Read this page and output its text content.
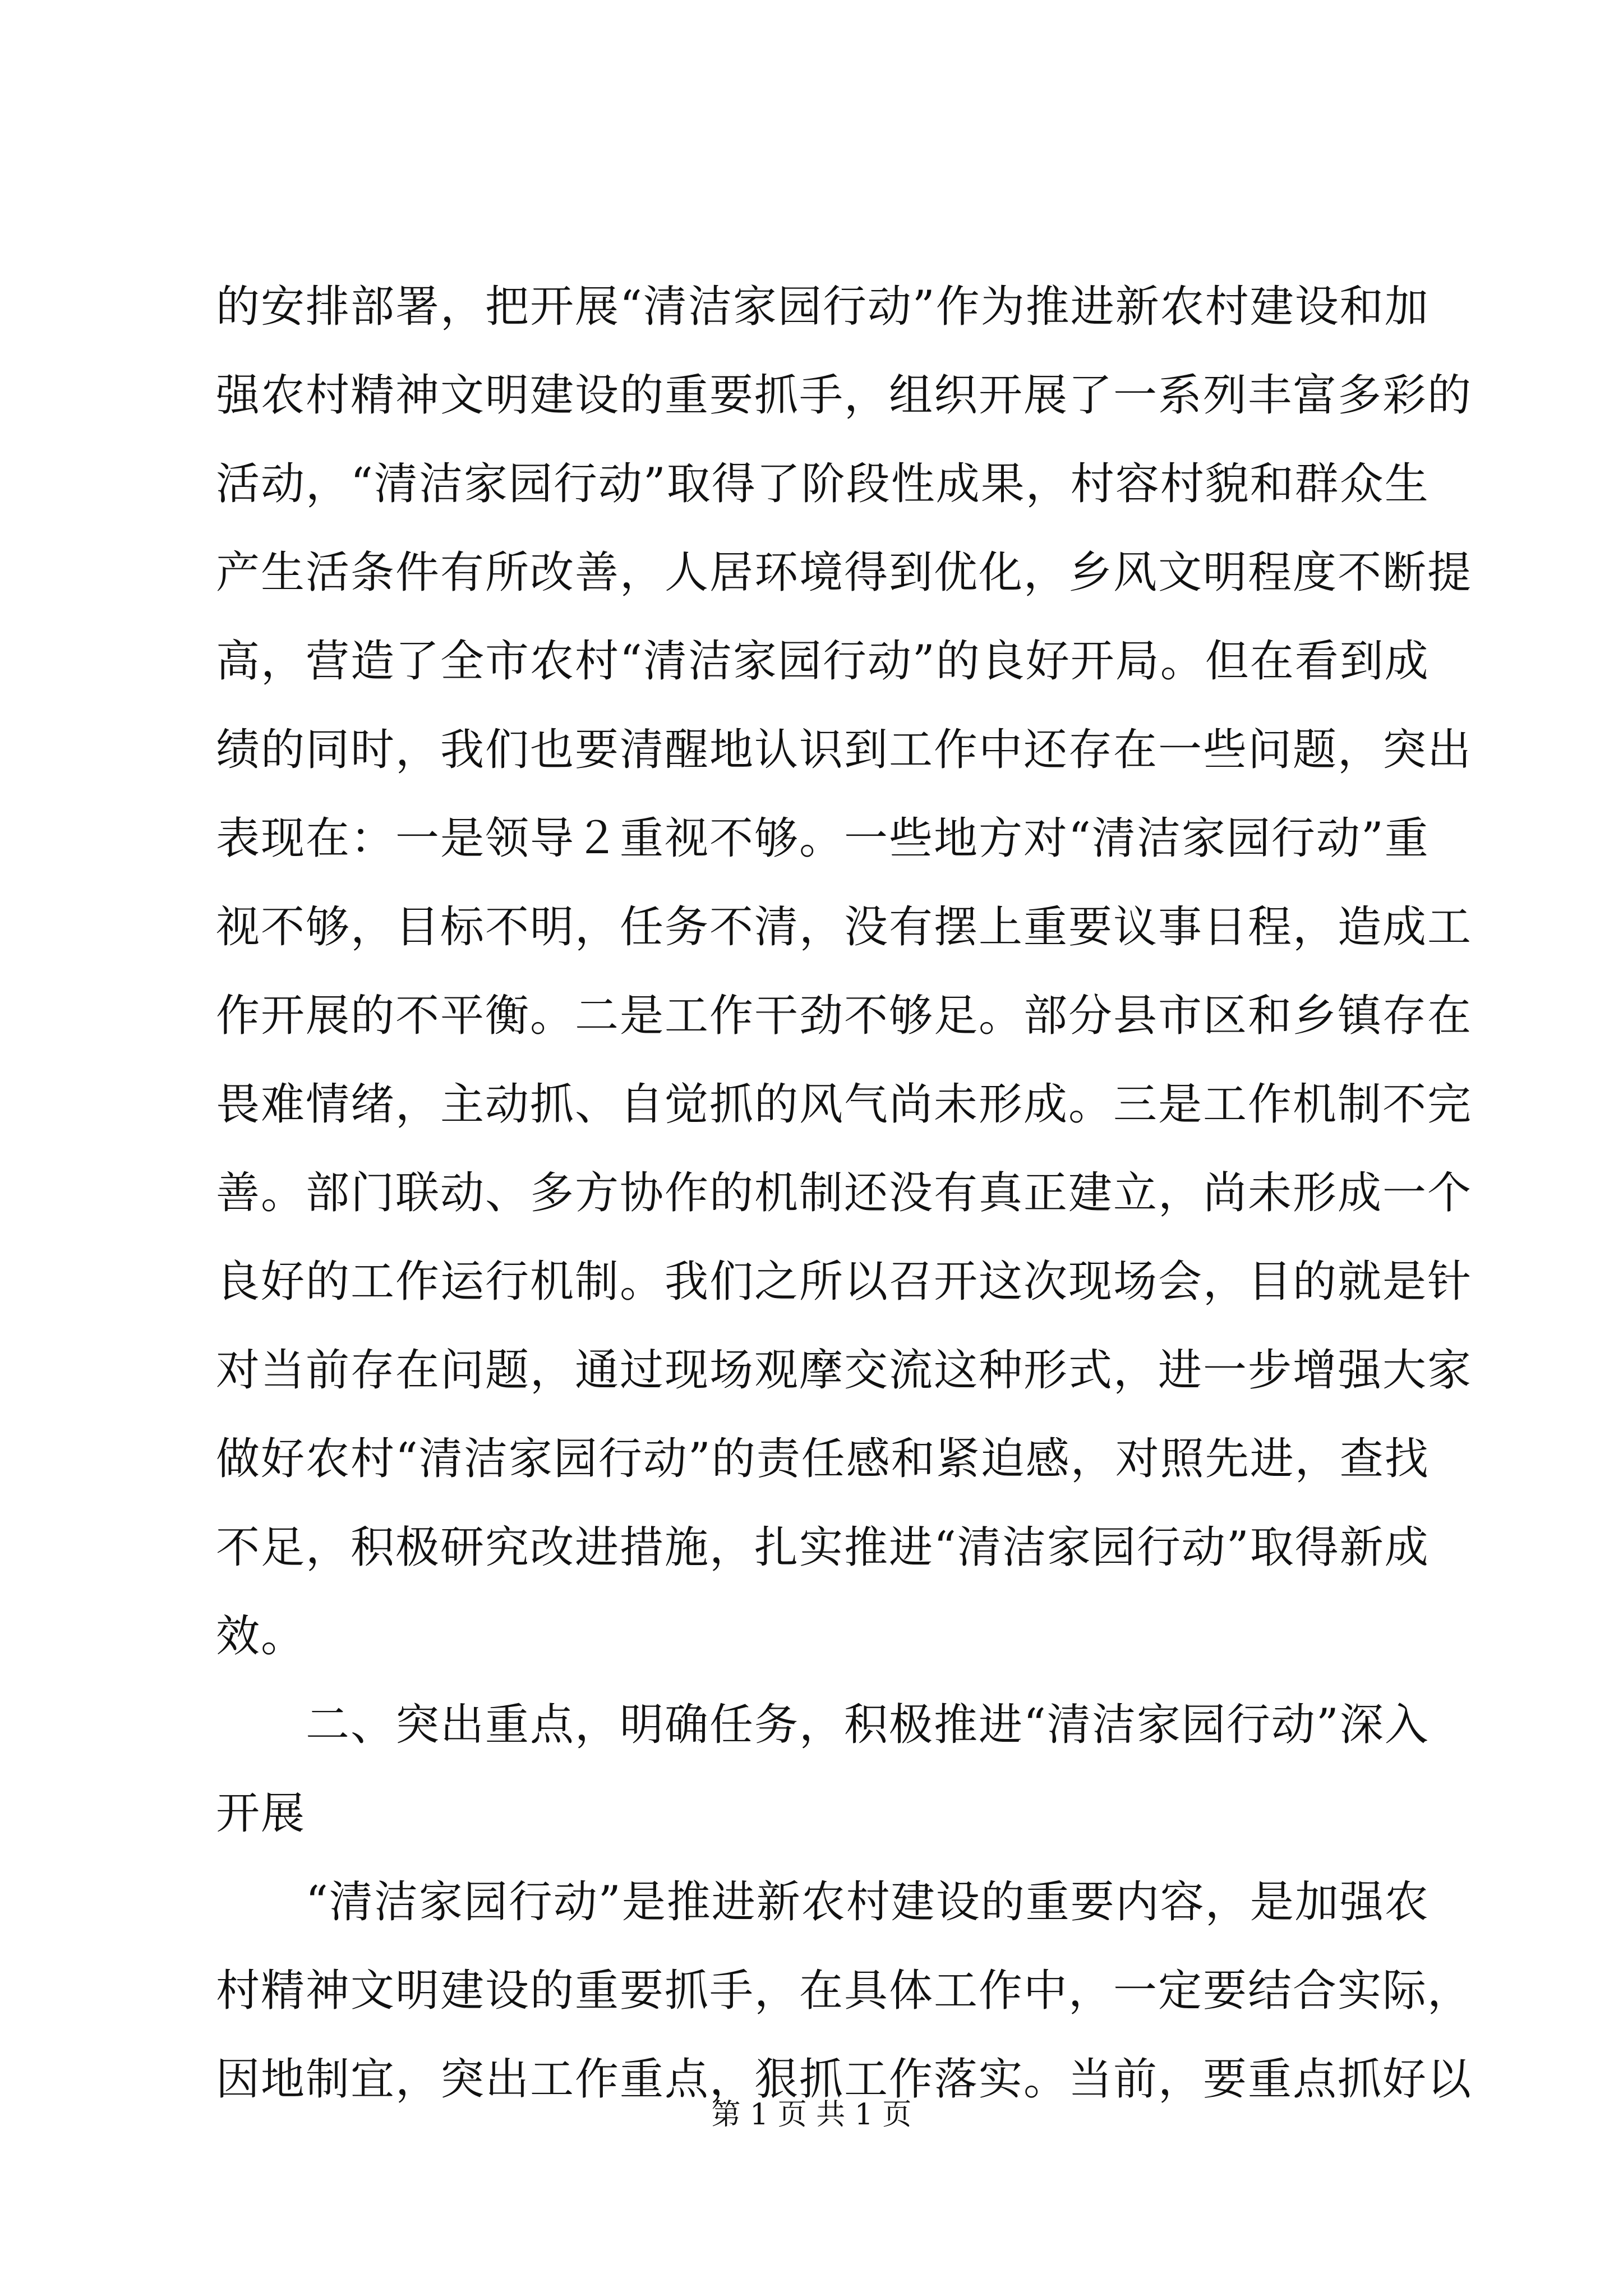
的安排部署，把开展“清洁家园行动”作为推进新农村建设和加
强农村精神文明建设的重要抓手，组织开展了一系列丰富多彩的
活动，“清洁家园行动”取得了阶段性成果，村容村貌和群众生
产生活条件有所改善，人居环境得到优化，乡风文明程度不断提
高，营造了全市农村“清洁家园行动”的良好开局。但在看到成
绩的同时，我们也要清醒地认识到工作中还存在一些问题，突出
表现在：一是领导２重视不够。一些地方对“清洁家园行动”重
视不够，目标不明，任务不清，没有摆上重要议事日程，造成工
作开展的不平衡。二是工作干劲不够足。部分县市区和乡镇存在
畏难情绪，主动抓、自觉抓的风气尚未形成。三是工作机制不完
善。部门联动、多方协作的机制还没有真正建立，尚未形成一个
良好的工作运行机制。我们之所以召开这次现场会，目的就是针
对当前存在问题，通过现场观摩交流这种形式，进一步增强大家
做好农村“清洁家园行动”的责任感和紧迫感，对照先进，查找
不足，积极研究改进措施，扎实推进“清洁家园行动”取得新成
效。
二、突出重点，明确任务，积极推进“清洁家园行动”深入
开展
“清洁家园行动”是推进新农村建设的重要内容，是加强农
村精神文明建设的重要抓手，在具体工作中，一定要结合实际，
因地制宜，突出工作重点，狠抓工作落实。当前，要重点抓好以
第 1 页 共 1 页
